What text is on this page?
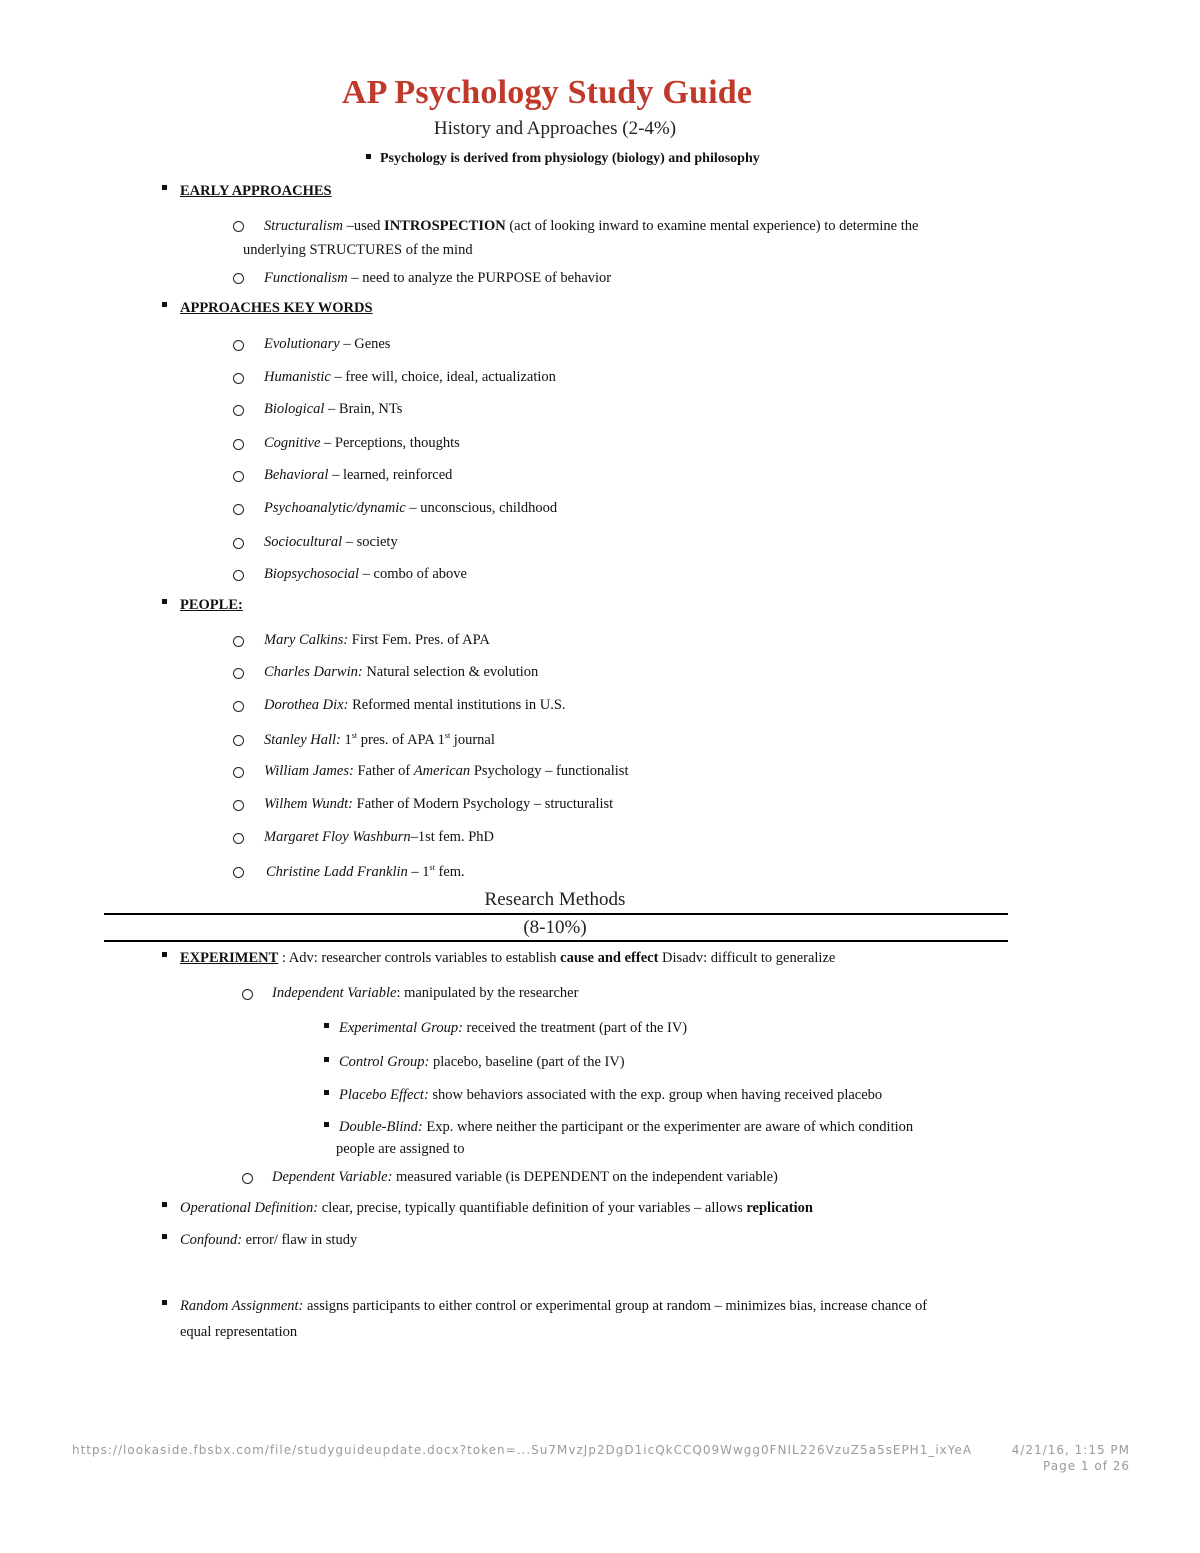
AP Psychology Study Guide
History and Approaches (2-4%)
Psychology is derived from physiology (biology) and philosophy
EARLY APPROACHES
Structuralism –used INTROSPECTION (act of looking inward to examine mental experience) to determine the
underlying STRUCTURES of the mind
Functionalism – need to analyze the PURPOSE of behavior
APPROACHES KEY WORDS
Evolutionary – Genes
Humanistic – free will, choice, ideal, actualization
Biological – Brain, NTs
Cognitive – Perceptions, thoughts
Behavioral – learned, reinforced
Psychoanalytic/dynamic – unconscious, childhood
Sociocultural – society
Biopsychosocial – combo of above
PEOPLE:
Mary Calkins: First Fem. Pres. of APA
Charles Darwin: Natural selection & evolution
Dorothea Dix: Reformed mental institutions in U.S.
Stanley Hall: 1st pres. of APA 1st journal
William James: Father of American Psychology – functionalist
Wilhem Wundt: Father of Modern Psychology – structuralist
Margaret Floy Washburn–1st fem. PhD
Christine Ladd Franklin – 1st fem.
Research Methods
(8-10%)
EXPERIMENT : Adv: researcher controls variables to establish cause and effect Disadv: difficult to generalize
Independent Variable: manipulated by the researcher
Experimental Group: received the treatment (part of the IV)
Control Group: placebo, baseline (part of the IV)
Placebo Effect: show behaviors associated with the exp. group when having received placebo
Double-Blind: Exp. where neither the participant or the experimenter are aware of which condition
people are assigned to
Dependent Variable: measured variable (is DEPENDENT on the independent variable)
Operational Definition: clear, precise, typically quantifiable definition of your variables – allows replication
Confound: error/ flaw in study
Random Assignment: assigns participants to either control or experimental group at random – minimizes bias, increase chance of
equal representation
https://lookaside.fbsbx.com/file/studyguideupdate.docx?token=...Su7MvzJp2DgD1icQkCCQ09Wwgg0FNIL226VzuZ5a5sEPH1_ixYeA	4/21/16, 1:15 PM
Page 1 of 26
